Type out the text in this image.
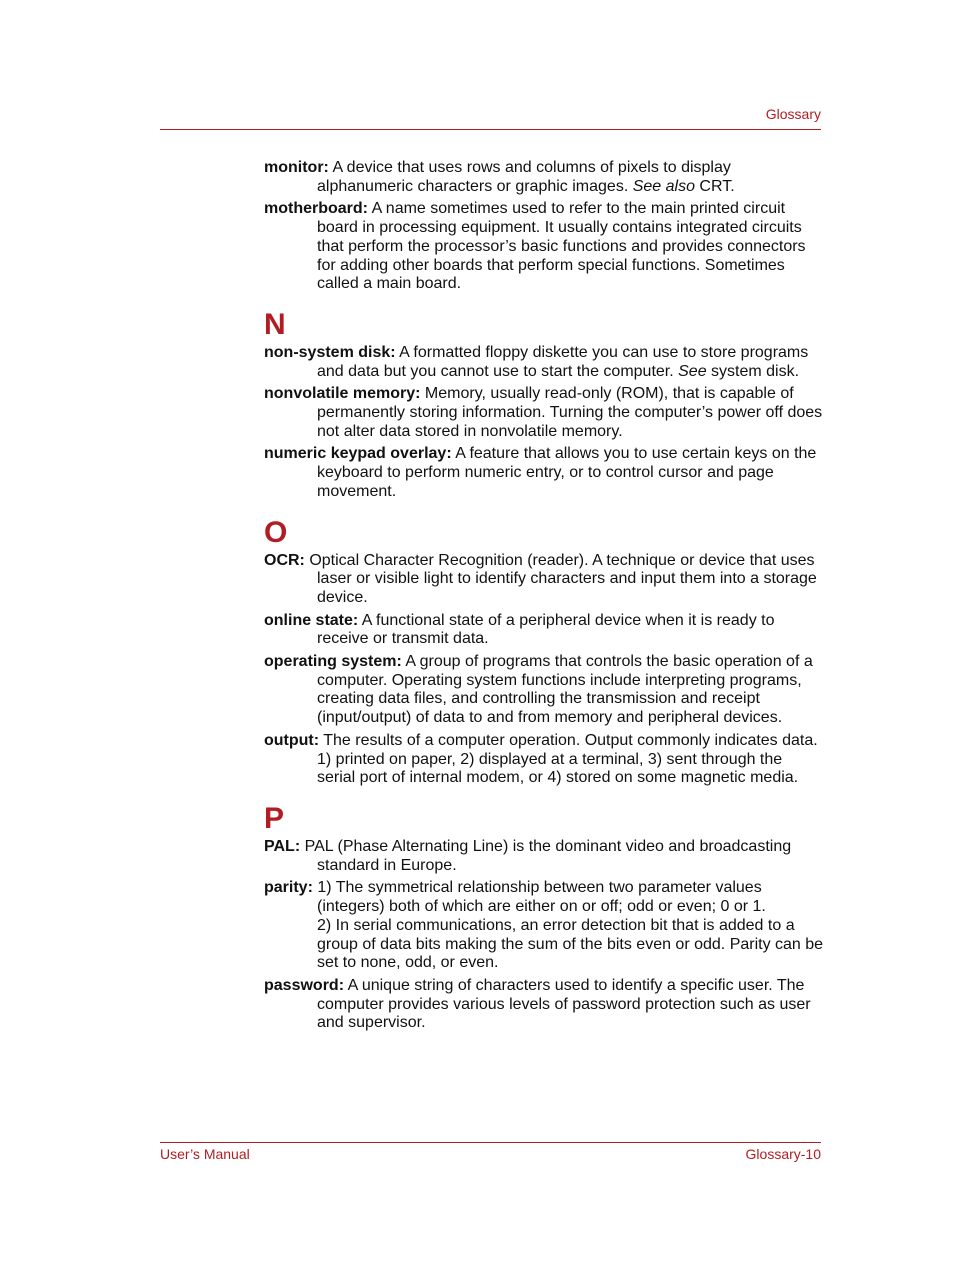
Glossary
monitor: A device that uses rows and columns of pixels to display alphanumeric characters or graphic images. See also CRT.
motherboard: A name sometimes used to refer to the main printed circuit board in processing equipment. It usually contains integrated circuits that perform the processor’s basic functions and provides connectors for adding other boards that perform special functions. Sometimes called a main board.
N
non-system disk: A formatted floppy diskette you can use to store programs and data but you cannot use to start the computer. See system disk.
nonvolatile memory: Memory, usually read-only (ROM), that is capable of permanently storing information. Turning the computer’s power off does not alter data stored in nonvolatile memory.
numeric keypad overlay: A feature that allows you to use certain keys on the keyboard to perform numeric entry, or to control cursor and page movement.
O
OCR: Optical Character Recognition (reader). A technique or device that uses laser or visible light to identify characters and input them into a storage device.
online state: A functional state of a peripheral device when it is ready to receive or transmit data.
operating system: A group of programs that controls the basic operation of a computer. Operating system functions include interpreting programs, creating data files, and controlling the transmission and receipt (input/output) of data to and from memory and peripheral devices.
output: The results of a computer operation. Output commonly indicates data.
1) printed on paper, 2) displayed at a terminal, 3) sent through the serial port of internal modem, or 4) stored on some magnetic media.
P
PAL: PAL (Phase Alternating Line) is the dominant video and broadcasting standard in Europe.
parity: 1) The symmetrical relationship between two parameter values (integers) both of which are either on or off; odd or even; 0 or 1.
2) In serial communications, an error detection bit that is added to a group of data bits making the sum of the bits even or odd. Parity can be set to none, odd, or even.
password: A unique string of characters used to identify a specific user. The computer provides various levels of password protection such as user and supervisor.
User’s Manual	Glossary-10
